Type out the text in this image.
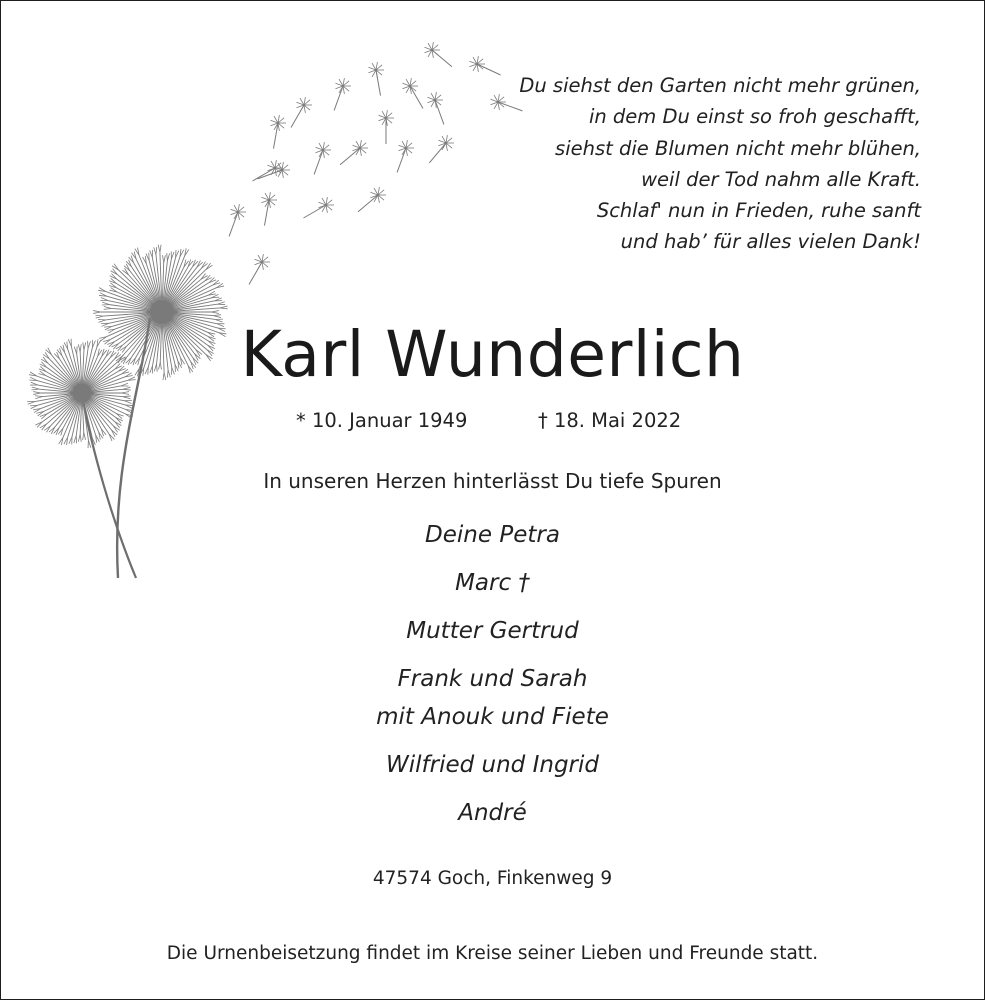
Du siehst den Garten nicht mehr grünen,
in dem Du einst so froh geschafft,
siehst die Blumen nicht mehr blühen,
weil der Tod nahm alle Kraft.
Schlaf' nun in Frieden, ruhe sanft
und hab’ für alles vielen Dank!
Karl Wunderlich
* 10. Januar 1949	† 18. Mai 2022
In unseren Herzen hinterlässt Du tiefe Spuren
Deine Petra
Marc †
Mutter Gertrud
Frank und Sarah
mit Anouk und Fiete
Wilfried und Ingrid
André
47574 Goch, Finkenweg 9
Die Urnenbeisetzung findet im Kreise seiner Lieben und Freunde statt.
